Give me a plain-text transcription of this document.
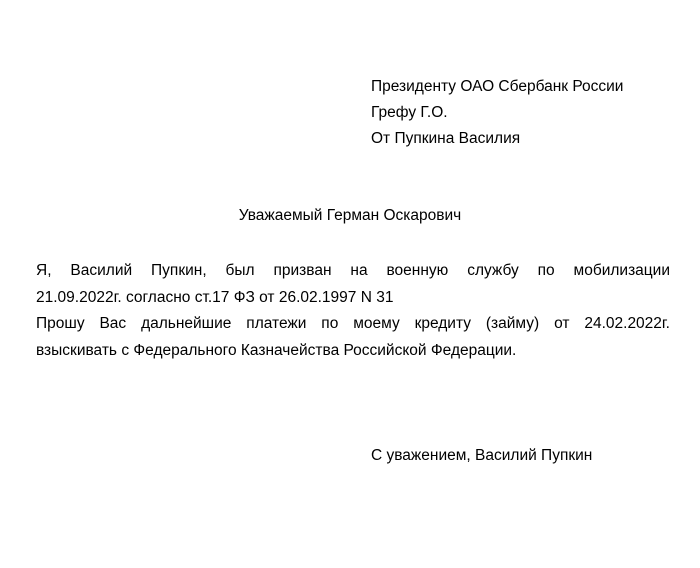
Президенту ОАО Сбербанк России
Грефу Г.О.
От Пупкина Василия
Уважаемый Герман Оскарович
Я, Василий Пупкин, был призван на военную службу по мобилизации
21.09.2022г. согласно ст.17 ФЗ от 26.02.1997 N 31
Прошу Вас дальнейшие платежи по моему кредиту (займу) от 24.02.2022г.
взыскивать с Федерального Казначейства Российской Федерации.
С уважением, Василий Пупкин
